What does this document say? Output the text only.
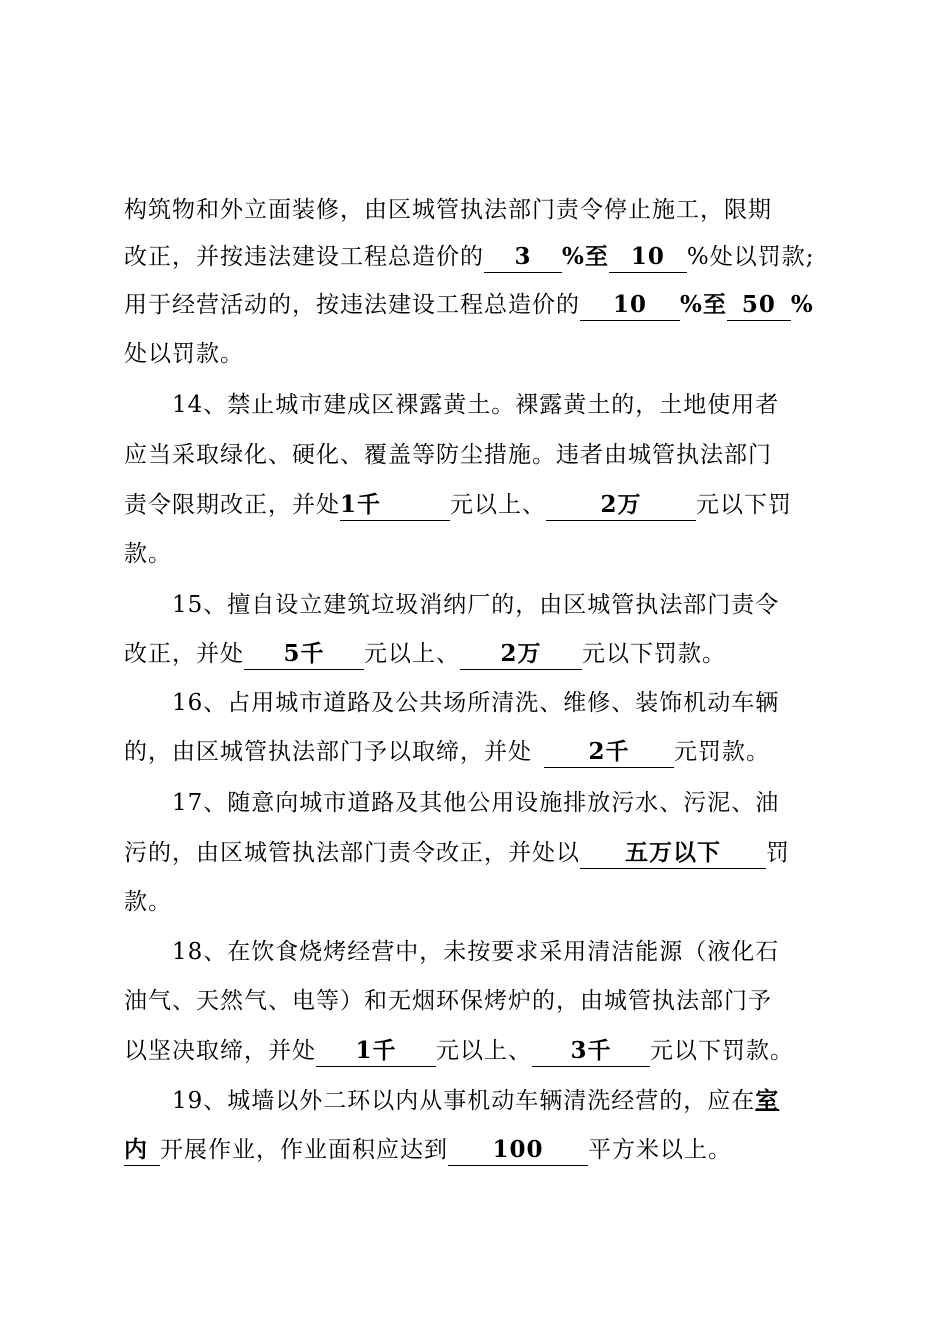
构筑物和外立面装修，由区城管执法部门责令停止施工，限期
改正，并按违法建设工程总造价的 3 %至 10 %处以罚款;
用于经营活动的，按违法建设工程总造价的 10 %至 50 %
处以罚款。
14、禁止城市建成区裸露黄土。裸露黄土的，土地使用者
应当采取绿化、硬化、覆盖等防尘措施。违者由城管执法部门
责令限期改正，并处1千	元以上、 2万 元以下罚
款。
15、擅自设立建筑垃圾消纳厂的，由区城管执法部门责令
改正，并处 5千 元以上、 2万 元以下罚款。
16、占用城市道路及公共场所清洗、维修、装饰机动车辆
的，由区城管执法部门予以取缔，并处 2千 元罚款。
17、随意向城市道路及其他公用设施排放污水、污泥、油
污的，由区城管执法部门责令改正，并处以 五万以下 罚
款。
18、在饮食烧烤经营中，未按要求采用清洁能源（液化石
油气、天然气、电等）和无烟环保烤炉的，由城管执法部门予
以坚决取缔，并处 1千 元以上、 3千 元以下罚款。
19、城墙以外二环以内从事机动车辆清洗经营的，应在室
内 开展作业，作业面积应达到 100 平方米以上。
